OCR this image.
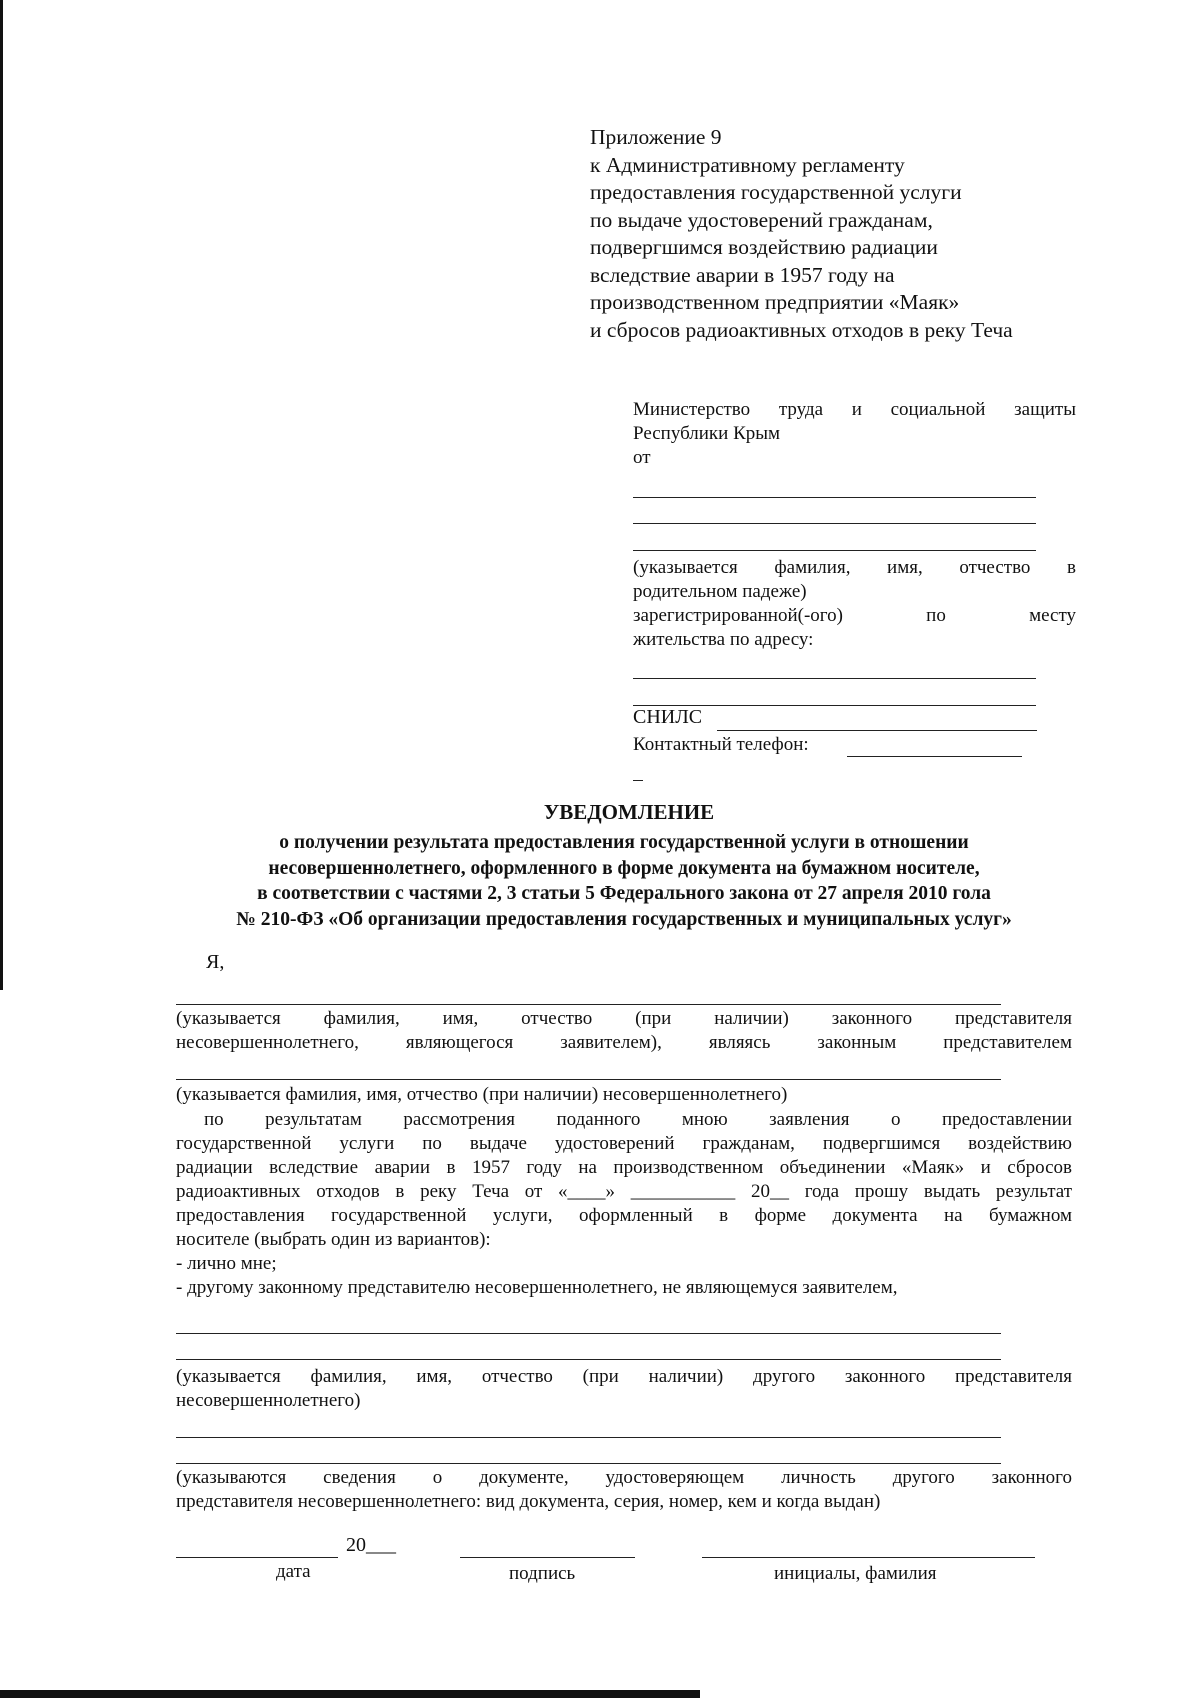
Приложение 9
к Административному регламенту
предоставления государственной услуги
по выдаче удостоверений гражданам,
подвергшимся воздействию радиации
вследствие аварии в 1957 году на
производственном предприятии «Маяк»
и сбросов радиоактивных отходов в реку Теча
Министерство труда и социальной защиты
Республики Крым
от
(указывается фамилия, имя, отчество в
родительном падеже)
зарегистрированной(-ого) по месту
жительства по адресу:
СНИЛС
Контактный телефон:
УВЕДОМЛЕНИЕ
о получении результата предоставления государственной услуги в отношении
несовершеннолетнего, оформленного в форме документа на бумажном носителе,
в соответствии с частями 2, 3 статьи 5 Федерального закона от 27 апреля 2010 гола
№ 210-ФЗ «Об организации предоставления государственных и муниципальных услуг»
Я,
(указывается фамилия, имя, отчество (при наличии) законного представителя
несовершеннолетнего, являющегося заявителем), являясь законным представителем
(указывается фамилия, имя, отчество (при наличии) несовершеннолетнего)
по результатам рассмотрения поданного мною заявления о предоставлении
государственной услуги по выдаче удостоверений гражданам, подвергшимся воздействию
радиации вследствие аварии в 1957 году на производственном объединении «Маяк» и сбросов
радиоактивных отходов в реку Теча от «____» ___________ 20__ года прошу выдать результат
предоставления государственной услуги, оформленный в форме документа на бумажном
носителе (выбрать один из вариантов):
- лично мне;
- другому законному представителю несовершеннолетнего, не являющемуся заявителем,
(указывается фамилия, имя, отчество (при наличии) другого законного представителя
несовершеннолетнего)
(указываются сведения о документе, удостоверяющем личность другого законного
представителя несовершеннолетнего: вид документа, серия, номер, кем и когда выдан)
20___
дата	подпись	инициалы, фамилия
